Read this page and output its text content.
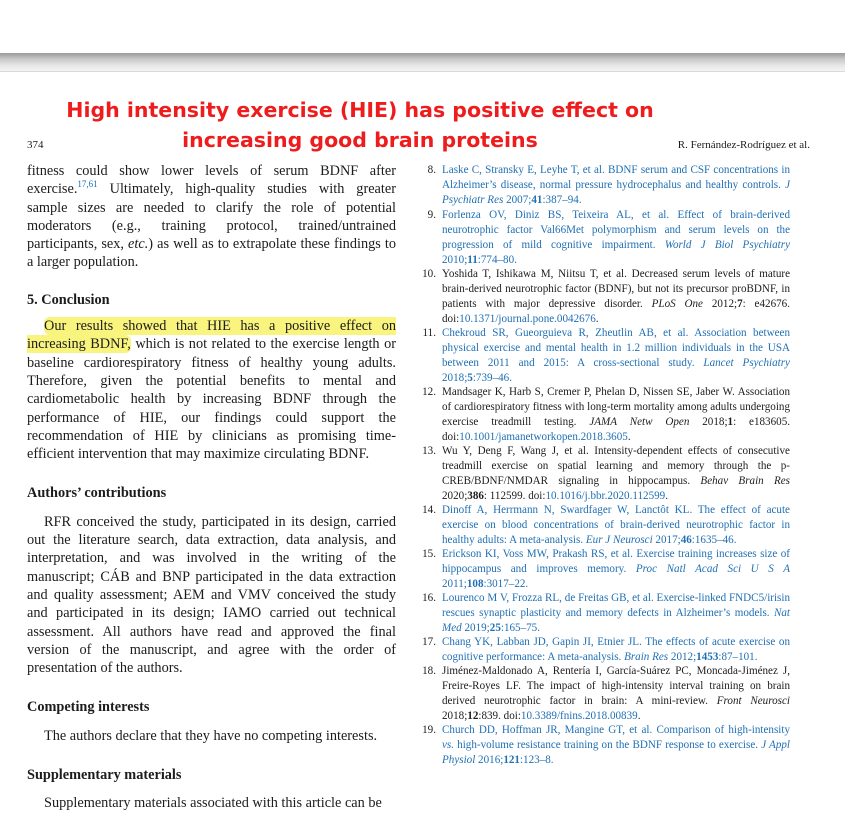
High intensity exercise (HIE) has positive effect on
increasing good brain proteins
374	R. Fernández-Rodríguez et al.

fitness could show lower levels of serum BDNF after exercise.$^{17,61}$ Ultimately, high-quality studies with greater sample sizes are needed to clarify the role of potential moderators (e.g., training protocol, trained/untrained participants, sex, etc.) as well as to extrapolate these findings to a larger population.

5. Conclusion

Our results showed that HIE has a positive effect on increasing BDNF, which is not related to the exercise length or baseline cardiorespiratory fitness of healthy young adults. Therefore, given the potential benefits to mental and cardiometabolic health by increasing BDNF through the performance of HIE, our findings could support the recommendation of HIE by clinicians as promising time-efficient intervention that may maximize circulating BDNF.

Authors’ contributions

RFR conceived the study, participated in its design, carried out the literature search, data extraction, data analysis, and interpretation, and was involved in the writing of the manuscript; CÁB and BNP participated in the data extraction and quality assessment; AEM and VMV conceived the study and participated in its design; IAMO carried out technical assessment. All authors have read and approved the final version of the manuscript, and agree with the order of presentation of the authors.

Competing interests

The authors declare that they have no competing interests.

Supplementary materials

Supplementary materials associated with this article can be

8. Laske C, Stransky E, Leyhe T, et al. BDNF serum and CSF concentrations in Alzheimer’s disease, normal pressure hydrocephalus and healthy controls. J Psychiatr Res 2007;41:387–94.
9. Forlenza OV, Diniz BS, Teixeira AL, et al. Effect of brain-derived neurotrophic factor Val66Met polymorphism and serum levels on the progression of mild cognitive impairment. World J Biol Psychiatry 2010;11:774–80.
10. Yoshida T, Ishikawa M, Niitsu T, et al. Decreased serum levels of mature brain-derived neurotrophic factor (BDNF), but not its precursor proBDNF, in patients with major depressive disorder. PLoS One 2012;7: e42676. doi:10.1371/journal.pone.0042676.
11. Chekroud SR, Gueorguieva R, Zheutlin AB, et al. Association between physical exercise and mental health in 1.2 million individuals in the USA between 2011 and 2015: A cross-sectional study. Lancet Psychiatry 2018;5:739–46.
12. Mandsager K, Harb S, Cremer P, Phelan D, Nissen SE, Jaber W. Association of cardiorespiratory fitness with long-term mortality among adults undergoing exercise treadmill testing. JAMA Netw Open 2018;1: e183605. doi:10.1001/jamanetworkopen.2018.3605.
13. Wu Y, Deng F, Wang J, et al. Intensity-dependent effects of consecutive treadmill exercise on spatial learning and memory through the p-CREB/BDNF/NMDAR signaling in hippocampus. Behav Brain Res 2020;386: 112599. doi:10.1016/j.bbr.2020.112599.
14. Dinoff A, Herrmann N, Swardfager W, Lanctôt KL. The effect of acute exercise on blood concentrations of brain-derived neurotrophic factor in healthy adults: A meta-analysis. Eur J Neurosci 2017;46:1635–46.
15. Erickson KI, Voss MW, Prakash RS, et al. Exercise training increases size of hippocampus and improves memory. Proc Natl Acad Sci U S A 2011;108:3017–22.
16. Lourenco M V, Frozza RL, de Freitas GB, et al. Exercise-linked FNDC5/irisin rescues synaptic plasticity and memory defects in Alzheimer’s models. Nat Med 2019;25:165–75.
17. Chang YK, Labban JD, Gapin JI, Etnier JL. The effects of acute exercise on cognitive performance: A meta-analysis. Brain Res 2012;1453:87–101.
18. Jiménez-Maldonado A, Rentería I, García-Suárez PC, Moncada-Jiménez J, Freire-Royes LF. The impact of high-intensity interval training on brain derived neurotrophic factor in brain: A mini-review. Front Neurosci 2018;12:839. doi:10.3389/fnins.2018.00839.
19. Church DD, Hoffman JR, Mangine GT, et al. Comparison of high-intensity vs. high-volume resistance training on the BDNF response to exercise. J Appl Physiol 2016;121:123–8.
